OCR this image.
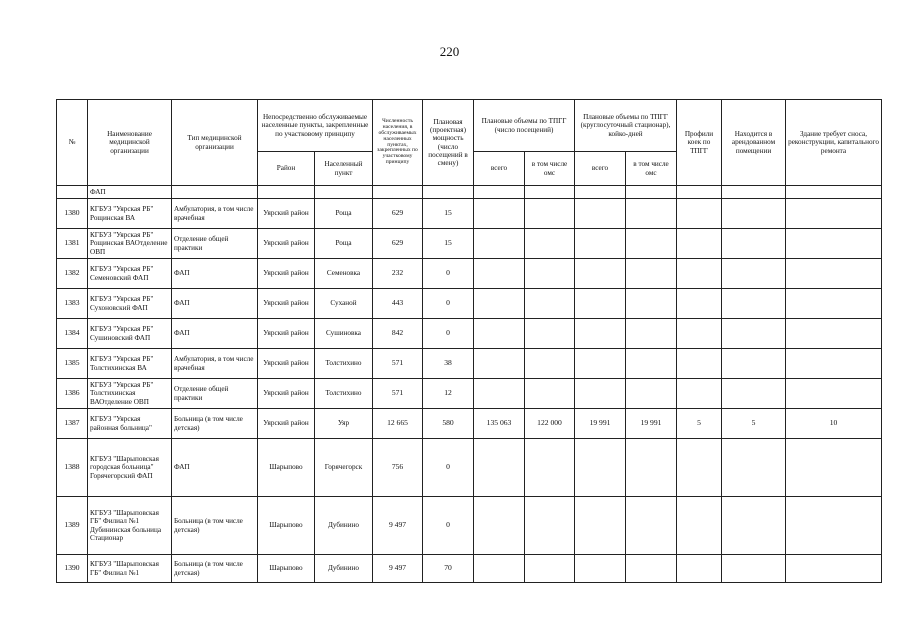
220
№	Наименование медицинской организации	Тип медицинской организации	Непосредственно обслуживаемые населенные пункты, закрепленные по участковому принципу		Численность населения, в обслуживаемых населенных пунктах, закрепленных по участковому принципу	Плановая (проектная) мощность (число посещений в смену)	Плановые объемы по ТПГГ (число посещений)		Плановые объемы по ТПГГ (круглосуточный стационар), койко-дней		Профили коек по ТПГГ	Находится в арендованном помещении	Здание требует сноса, реконструкции, капитального ремонта
			Район	Населенный пункт			всего	в том числе омс	всего	в том числе омс			
	ФАП												
1380	КГБУЗ "Уярская РБ" Рощинская ВА	Амбулатория, в том числе врачебная	Уярский район	Роща	629	15							
1381	КГБУЗ "Уярская РБ" Рощинская ВАОтделение ОВП	Отделение общей практики	Уярский район	Роща	629	15							
1382	КГБУЗ "Уярская РБ" Семеновский ФАП	ФАП	Уярский район	Семеновка	232	0							
1383	КГБУЗ "Уярская РБ" Сухоновский ФАП	ФАП	Уярский район	Суханой	443	0							
1384	КГБУЗ "Уярская РБ" Сушиновский ФАП	ФАП	Уярский район	Сушиновка	842	0							
1385	КГБУЗ "Уярская РБ" Толстихинская ВА	Амбулатория, в том числе врачебная	Уярский район	Толстихино	571	38							
1386	КГБУЗ "Уярская РБ" Толстихинская ВАОтделение ОВП	Отделение общей практики	Уярский район	Толстихино	571	12							
1387	КГБУЗ "Уярская районная больница"	Больница (в том числе детская)	Уярский район	Уяр	12 665	580	135 063	122 000	19 991	19 991	5	5	10
1388	КГБУЗ "Шарыповская городская больница" Горячегорский ФАП	ФАП	Шарыпово	Горячегорск	756	0							
1389	КГБУЗ "Шарыповская ГБ" Филиал №1 Дубининская больница Стационар	Больница (в том числе детская)	Шарыпово	Дубинино	9 497	0							
1390	КГБУЗ "Шарыповская ГБ" Филиал №1	Больница (в том числе детская)	Шарыпово	Дубинино	9 497	70							
